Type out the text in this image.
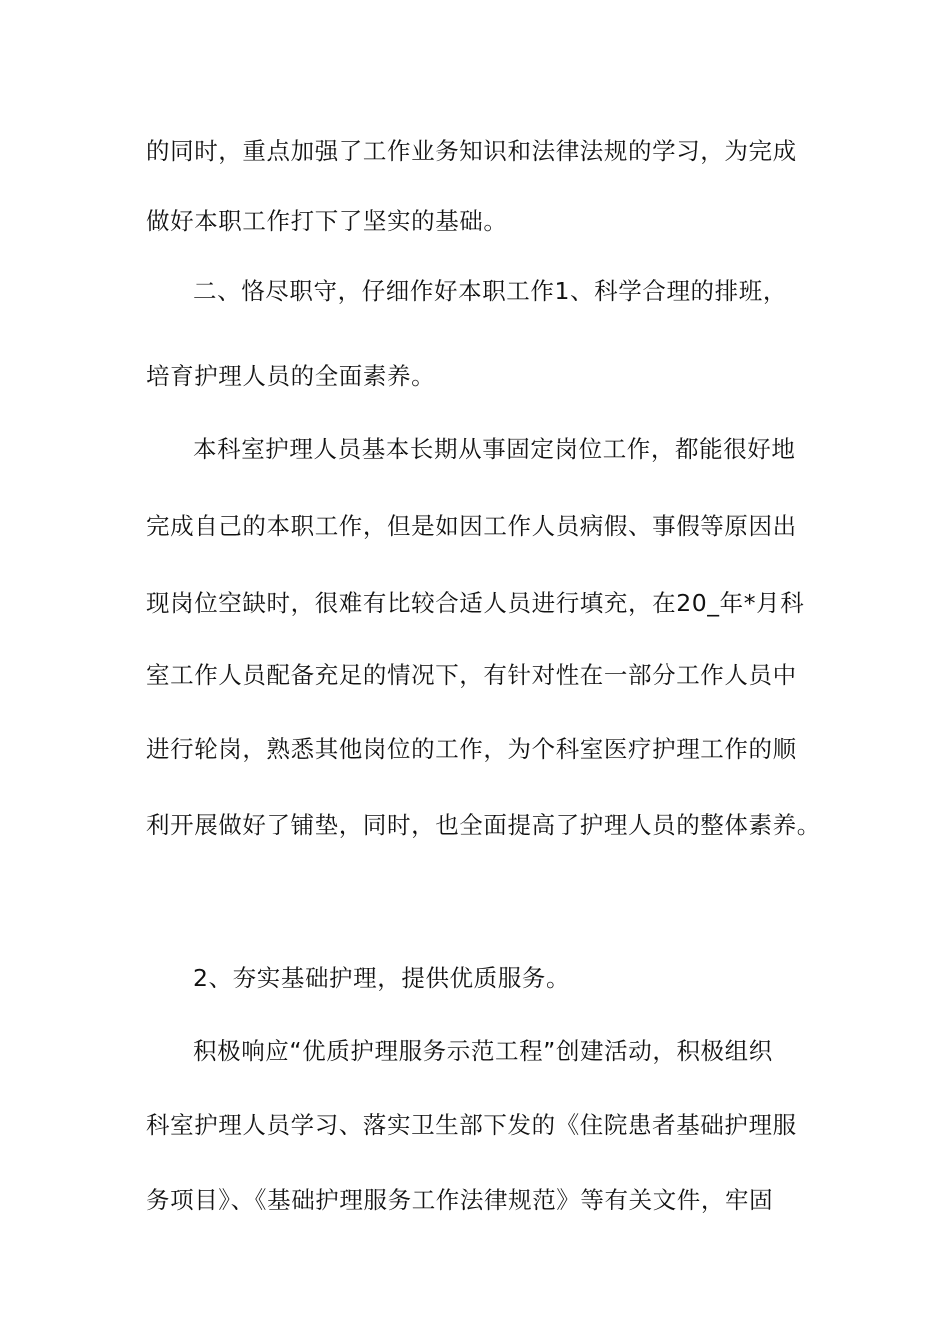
的同时，重点加强了工作业务知识和法律法规的学习，为完成
做好本职工作打下了坚实的基础。
二、恪尽职守，仔细作好本职工作1、科学合理的排班，
培育护理人员的全面素养。
本科室护理人员基本长期从事固定岗位工作，都能很好地
完成自己的本职工作，但是如因工作人员病假、事假等原因出
现岗位空缺时，很难有比较合适人员进行填充，在20_年*月科
室工作人员配备充足的情况下，有针对性在一部分工作人员中
进行轮岗，熟悉其他岗位的工作，为个科室医疗护理工作的顺
利开展做好了铺垫，同时，也全面提高了护理人员的整体素养。
2、夯实基础护理，提供优质服务。
积极响应“优质护理服务示范工程”创建活动，积极组织
科室护理人员学习、落实卫生部下发的《住院患者基础护理服
务项目》、《基础护理服务工作法律规范》等有关文件，牢固
